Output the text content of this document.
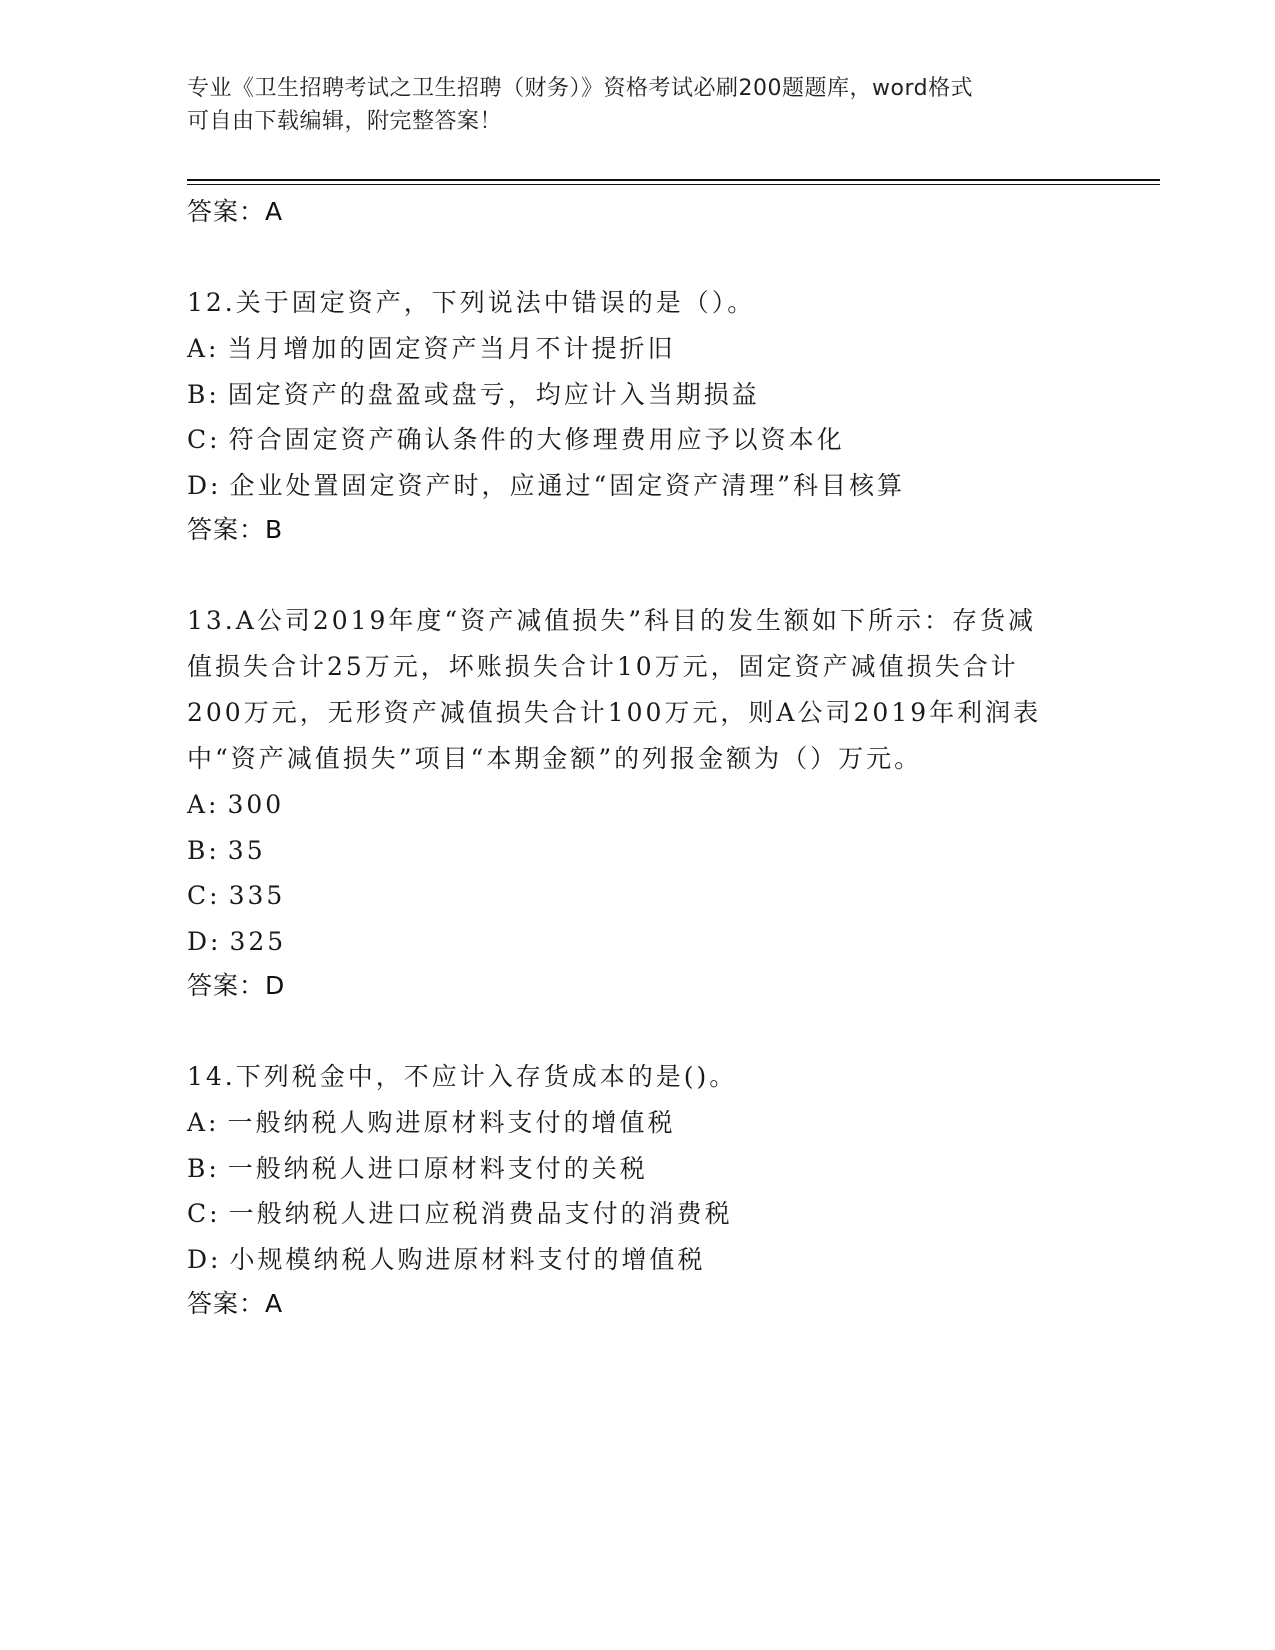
专业《卫生招聘考试之卫生招聘（财务）》资格考试必刷200题题库，word格式
可自由下载编辑，附完整答案！
答案：A
12.关于固定资产，下列说法中错误的是（）。
A: 当月增加的固定资产当月不计提折旧
B: 固定资产的盘盈或盘亏，均应计入当期损益
C: 符合固定资产确认条件的大修理费用应予以资本化
D: 企业处置固定资产时，应通过“固定资产清理”科目核算
答案：B
13.A公司2019年度“资产减值损失”科目的发生额如下所示：存货减
值损失合计25万元，坏账损失合计10万元，固定资产减值损失合计
200万元，无形资产减值损失合计100万元，则A公司2019年利润表
中“资产减值损失”项目“本期金额”的列报金额为（）万元。
A: 300
B: 35
C: 335
D: 325
答案：D
14.下列税金中，不应计入存货成本的是()。
A: 一般纳税人购进原材料支付的增值税
B: 一般纳税人进口原材料支付的关税
C: 一般纳税人进口应税消费品支付的消费税
D: 小规模纳税人购进原材料支付的增值税
答案：A
